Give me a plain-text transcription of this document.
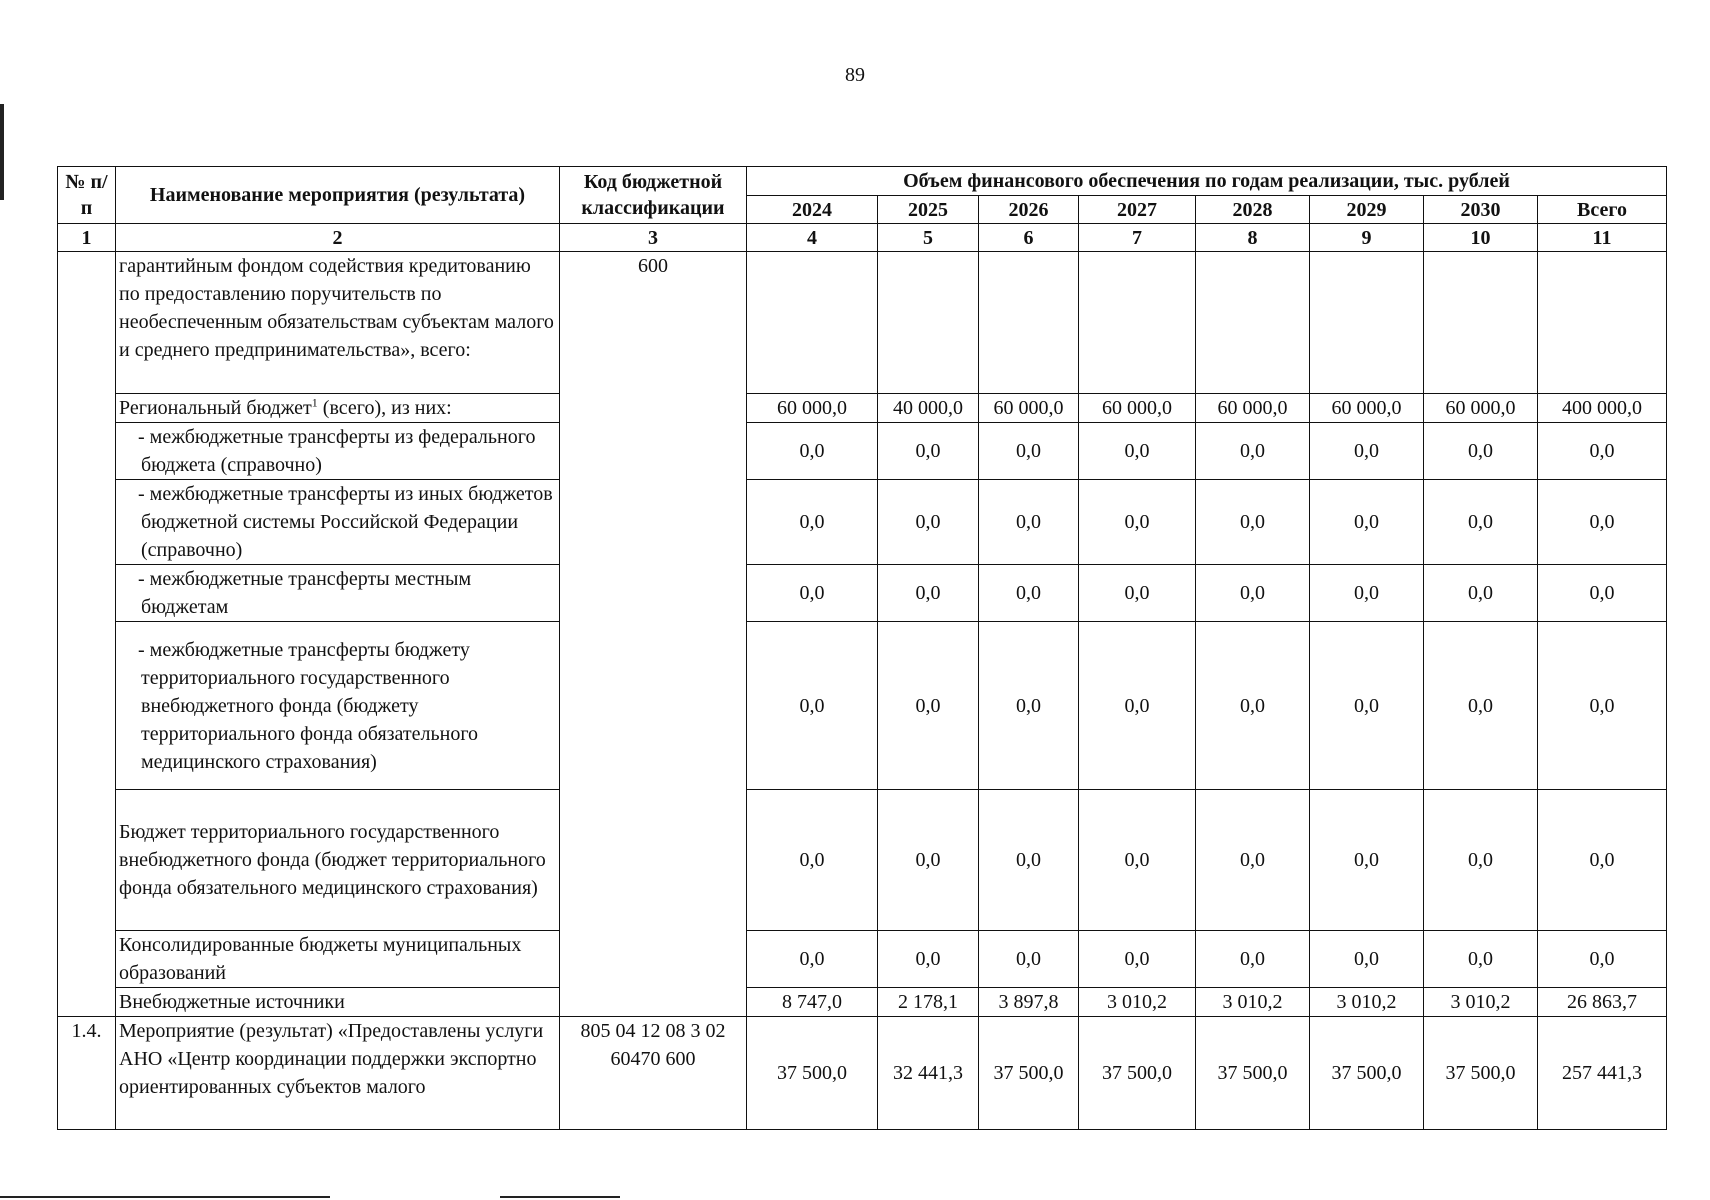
89
№ п/п	Наименование мероприятия (результата)	Код бюджетной классификации	Объем финансового обеспечения по годам реализации, тыс. рублей							
			2024	2025	2026	2027	2028	2029	2030	Всего
1	2	3	4	5	6	7	8	9	10	11
	гарантийным фондом содействия кредитованию по предоставлению поручительств по необеспеченным обязательствам субъектам малого и среднего предпринимательства», всего:	600								
	Региональный бюджет$^1$ (всего), из них:		60 000,0	40 000,0	60 000,0	60 000,0	60 000,0	60 000,0	60 000,0	400 000,0
	- межбюджетные трансферты из федерального бюджета (справочно)		0,0	0,0	0,0	0,0	0,0	0,0	0,0	0,0
	- межбюджетные трансферты из иных бюджетов бюджетной системы Российской Федерации (справочно)		0,0	0,0	0,0	0,0	0,0	0,0	0,0	0,0
	- межбюджетные трансферты местным бюджетам		0,0	0,0	0,0	0,0	0,0	0,0	0,0	0,0
	- межбюджетные трансферты бюджету территориального государственного внебюджетного фонда (бюджету территориального фонда обязательного медицинского страхования)		0,0	0,0	0,0	0,0	0,0	0,0	0,0	0,0
	Бюджет территориального государственного внебюджетного фонда (бюджет территориального фонда обязательного медицинского страхования)		0,0	0,0	0,0	0,0	0,0	0,0	0,0	0,0
	Консолидированные бюджеты муниципальных образований		0,0	0,0	0,0	0,0	0,0	0,0	0,0	0,0
	Внебюджетные источники		8 747,0	2 178,1	3 897,8	3 010,2	3 010,2	3 010,2	3 010,2	26 863,7
1.4.	Мероприятие (результат) «Предоставлены услуги АНО «Центр координации поддержки экспортно ориентированных субъектов малого	805 04 12 08 3 02 60470 600	37 500,0	32 441,3	37 500,0	37 500,0	37 500,0	37 500,0	37 500,0	257 441,3
